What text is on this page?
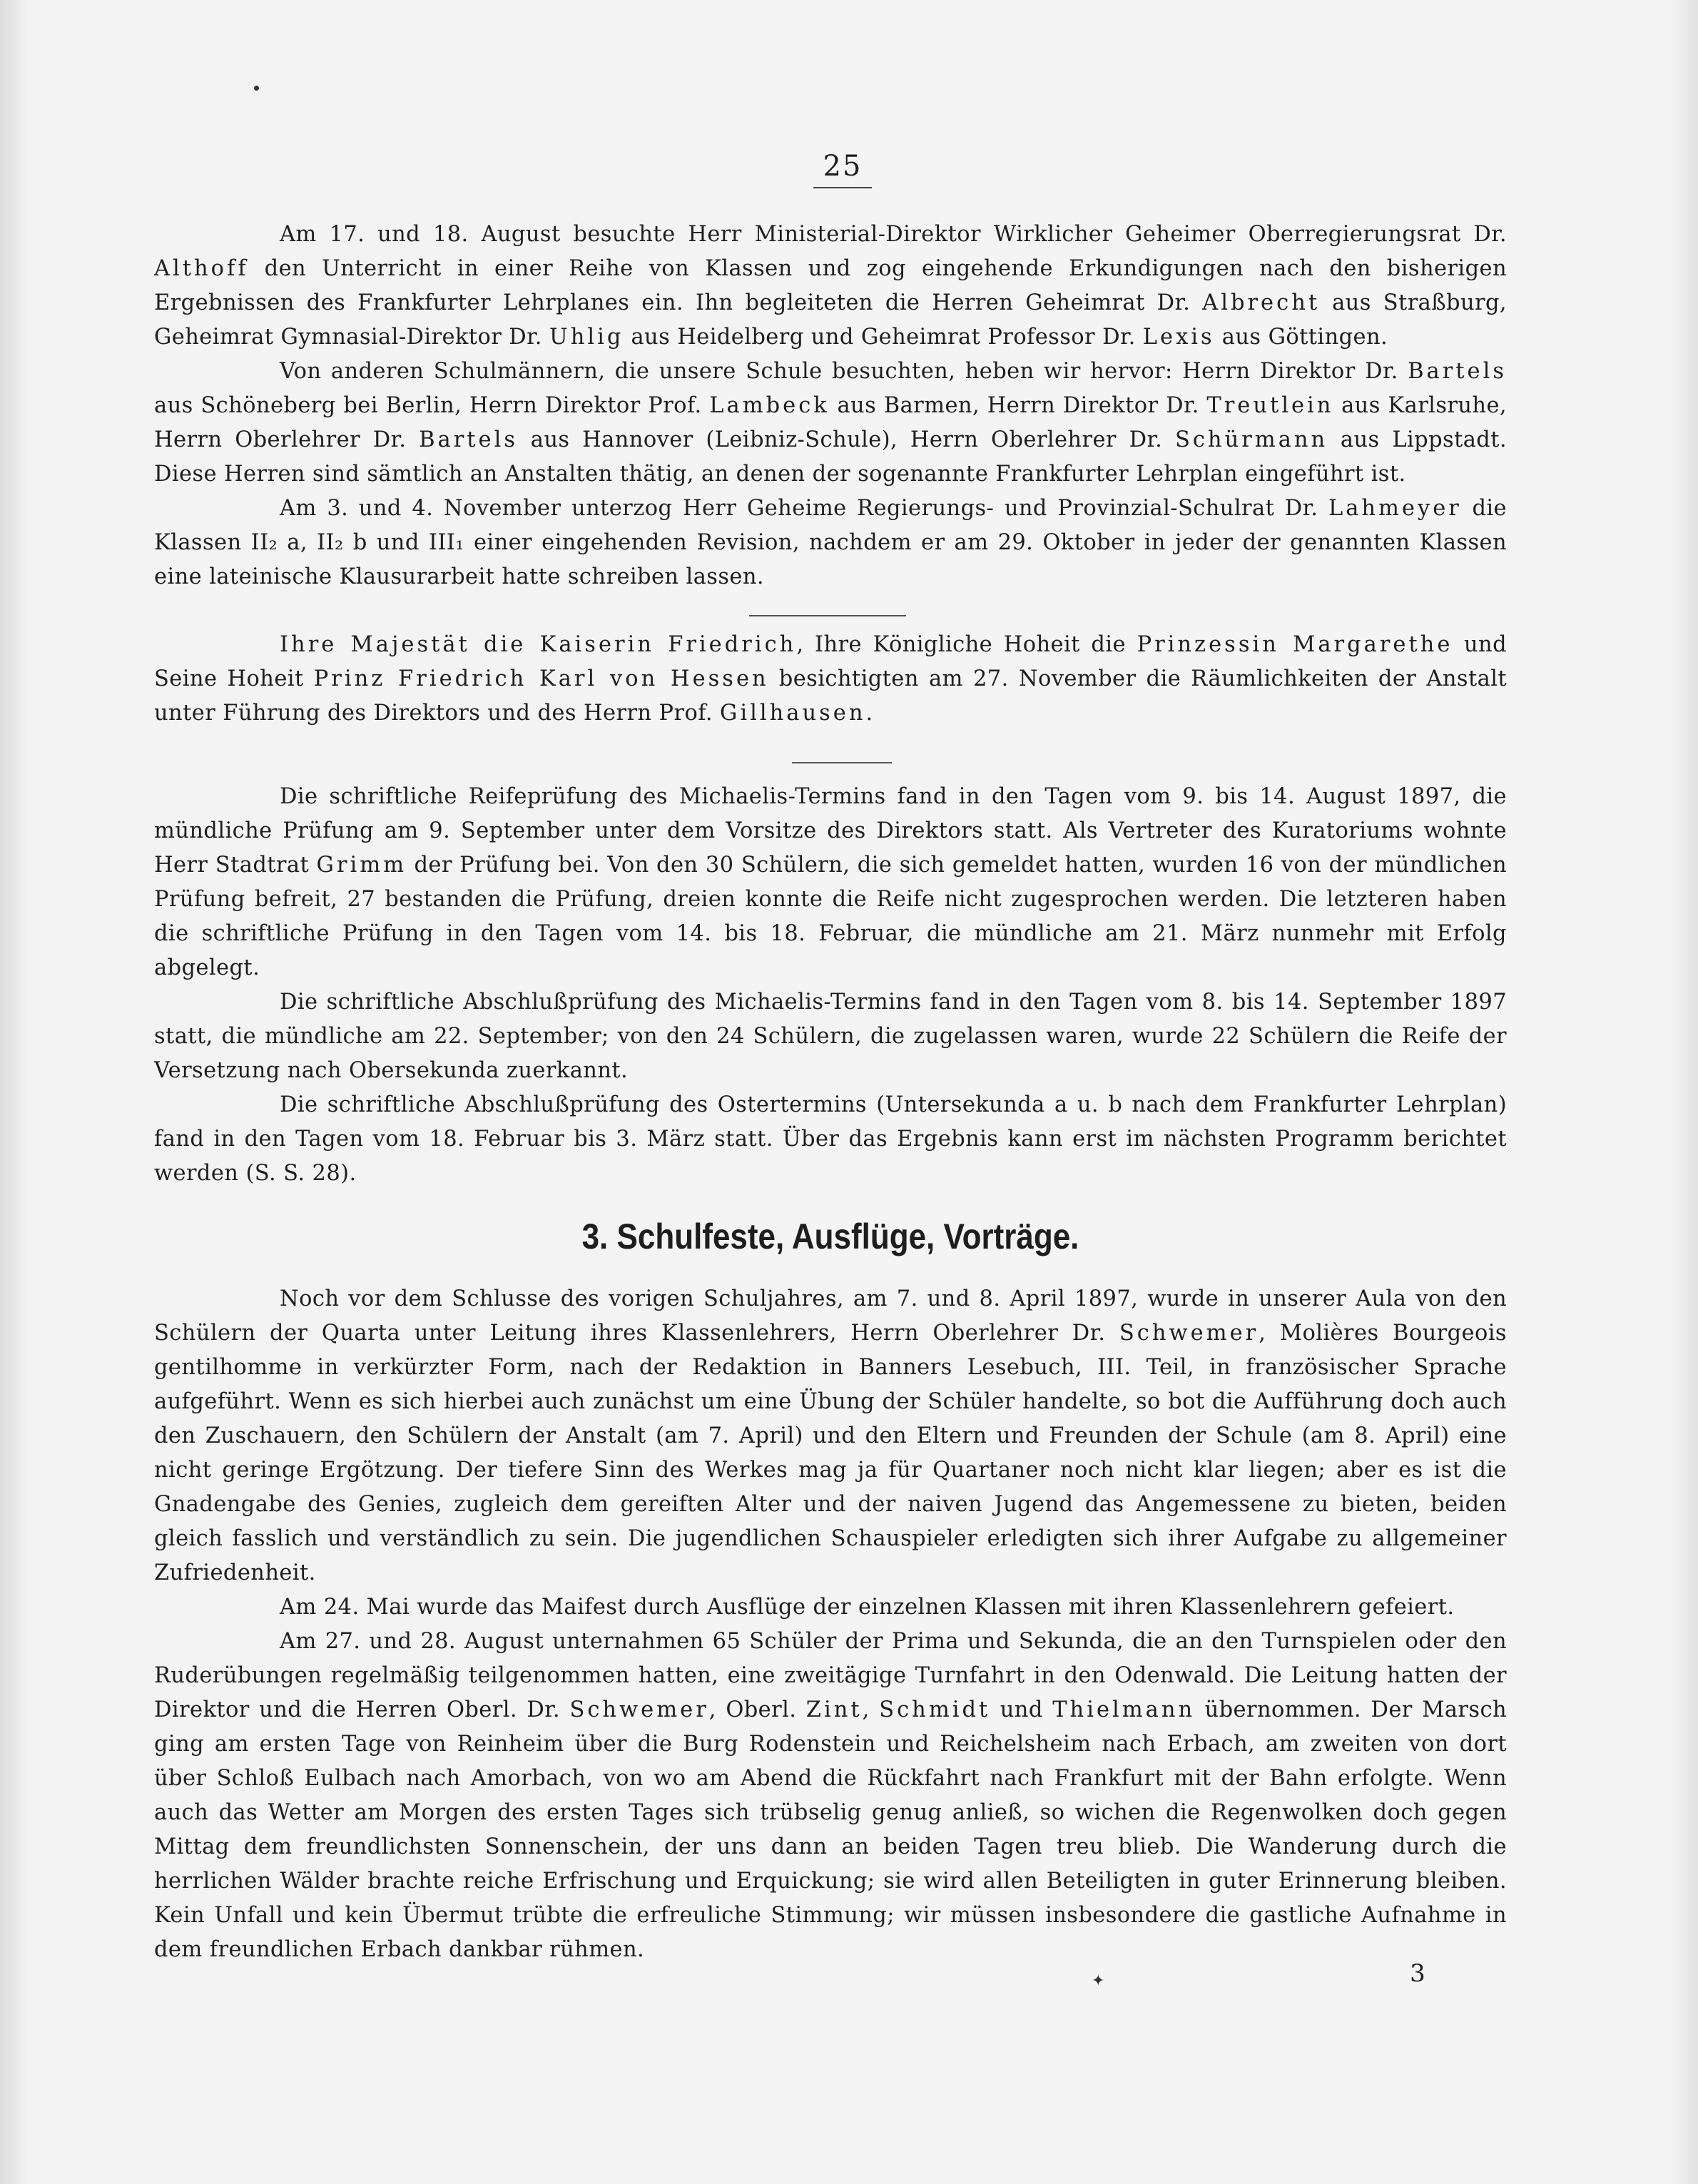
25

Am 17. und 18. August besuchte Herr Ministerial-Direktor Wirklicher Geheimer Oberregierungsrat Dr. Althoff den Unterricht in einer Reihe von Klassen und zog eingehende Erkundigungen nach den bisherigen Ergebnissen des Frankfurter Lehrplanes ein. Ihn begleiteten die Herren Geheimrat Dr. Albrecht aus Straßburg, Geheimrat Gymnasial-Direktor Dr. Uhlig aus Heidelberg und Geheimrat Professor Dr. Lexis aus Göttingen.

Von anderen Schulmännern, die unsere Schule besuchten, heben wir hervor: Herrn Direktor Dr. Bartels aus Schöneberg bei Berlin, Herrn Direktor Prof. Lambeck aus Barmen, Herrn Direktor Dr. Treutlein aus Karlsruhe, Herrn Oberlehrer Dr. Bartels aus Hannover (Leibniz-Schule), Herrn Oberlehrer Dr. Schürmann aus Lippstadt. Diese Herren sind sämtlich an Anstalten thätig, an denen der sogenannte Frankfurter Lehrplan eingeführt ist.

Am 3. und 4. November unterzog Herr Geheime Regierungs- und Provinzial-Schulrat Dr. Lahmeyer die Klassen II₂ a, II₂ b und III₁ einer eingehenden Revision, nachdem er am 29. Oktober in jeder der genannten Klassen eine lateinische Klausurarbeit hatte schreiben lassen.

Ihre Majestät die Kaiserin Friedrich, Ihre Königliche Hoheit die Prinzessin Margarethe und Seine Hoheit Prinz Friedrich Karl von Hessen besichtigten am 27. November die Räumlichkeiten der Anstalt unter Führung des Direktors und des Herrn Prof. Gillhausen.

Die schriftliche Reifeprüfung des Michaelis-Termins fand in den Tagen vom 9. bis 14. August 1897, die mündliche Prüfung am 9. September unter dem Vorsitze des Direktors statt. Als Vertreter des Kuratoriums wohnte Herr Stadtrat Grimm der Prüfung bei. Von den 30 Schülern, die sich gemeldet hatten, wurden 16 von der mündlichen Prüfung befreit, 27 bestanden die Prüfung, dreien konnte die Reife nicht zugesprochen werden. Die letzteren haben die schriftliche Prüfung in den Tagen vom 14. bis 18. Februar, die mündliche am 21. März nunmehr mit Erfolg abgelegt.

Die schriftliche Abschlußprüfung des Michaelis-Termins fand in den Tagen vom 8. bis 14. September 1897 statt, die mündliche am 22. September; von den 24 Schülern, die zugelassen waren, wurde 22 Schülern die Reife der Versetzung nach Obersekunda zuerkannt.

Die schriftliche Abschlußprüfung des Ostertermins (Untersekunda a u. b nach dem Frankfurter Lehrplan) fand in den Tagen vom 18. Februar bis 3. März statt. Über das Ergebnis kann erst im nächsten Programm berichtet werden (S. S. 28).

3. Schulfeste, Ausflüge, Vorträge.

Noch vor dem Schlusse des vorigen Schuljahres, am 7. und 8. April 1897, wurde in unserer Aula von den Schülern der Quarta unter Leitung ihres Klassenlehrers, Herrn Oberlehrer Dr. Schwemer, Molières Bourgeois gentilhomme in verkürzter Form, nach der Redaktion in Banners Lesebuch, III. Teil, in französischer Sprache aufgeführt. Wenn es sich hierbei auch zunächst um eine Übung der Schüler handelte, so bot die Aufführung doch auch den Zuschauern, den Schülern der Anstalt (am 7. April) und den Eltern und Freunden der Schule (am 8. April) eine nicht geringe Ergötzung. Der tiefere Sinn des Werkes mag ja für Quartaner noch nicht klar liegen; aber es ist die Gnadengabe des Genies, zugleich dem gereiften Alter und der naiven Jugend das Angemessene zu bieten, beiden gleich fasslich und verständlich zu sein. Die jugendlichen Schauspieler erledigten sich ihrer Aufgabe zu allgemeiner Zufriedenheit.

Am 24. Mai wurde das Maifest durch Ausflüge der einzelnen Klassen mit ihren Klassenlehrern gefeiert.

Am 27. und 28. August unternahmen 65 Schüler der Prima und Sekunda, die an den Turnspielen oder den Ruderübungen regelmäßig teilgenommen hatten, eine zweitägige Turnfahrt in den Odenwald. Die Leitung hatten der Direktor und die Herren Oberl. Dr. Schwemer, Oberl. Zint, Schmidt und Thielmann übernommen. Der Marsch ging am ersten Tage von Reinheim über die Burg Rodenstein und Reichelsheim nach Erbach, am zweiten von dort über Schloß Eulbach nach Amorbach, von wo am Abend die Rückfahrt nach Frankfurt mit der Bahn erfolgte. Wenn auch das Wetter am Morgen des ersten Tages sich trübselig genug anließ, so wichen die Regenwolken doch gegen Mittag dem freundlichsten Sonnenschein, der uns dann an beiden Tagen treu blieb. Die Wanderung durch die herrlichen Wälder brachte reiche Erfrischung und Erquickung; sie wird allen Beteiligten in guter Erinnerung bleiben. Kein Unfall und kein Übermut trübte die erfreuliche Stimmung; wir müssen insbesondere die gastliche Aufnahme in dem freundlichen Erbach dankbar rühmen.

✦	3
